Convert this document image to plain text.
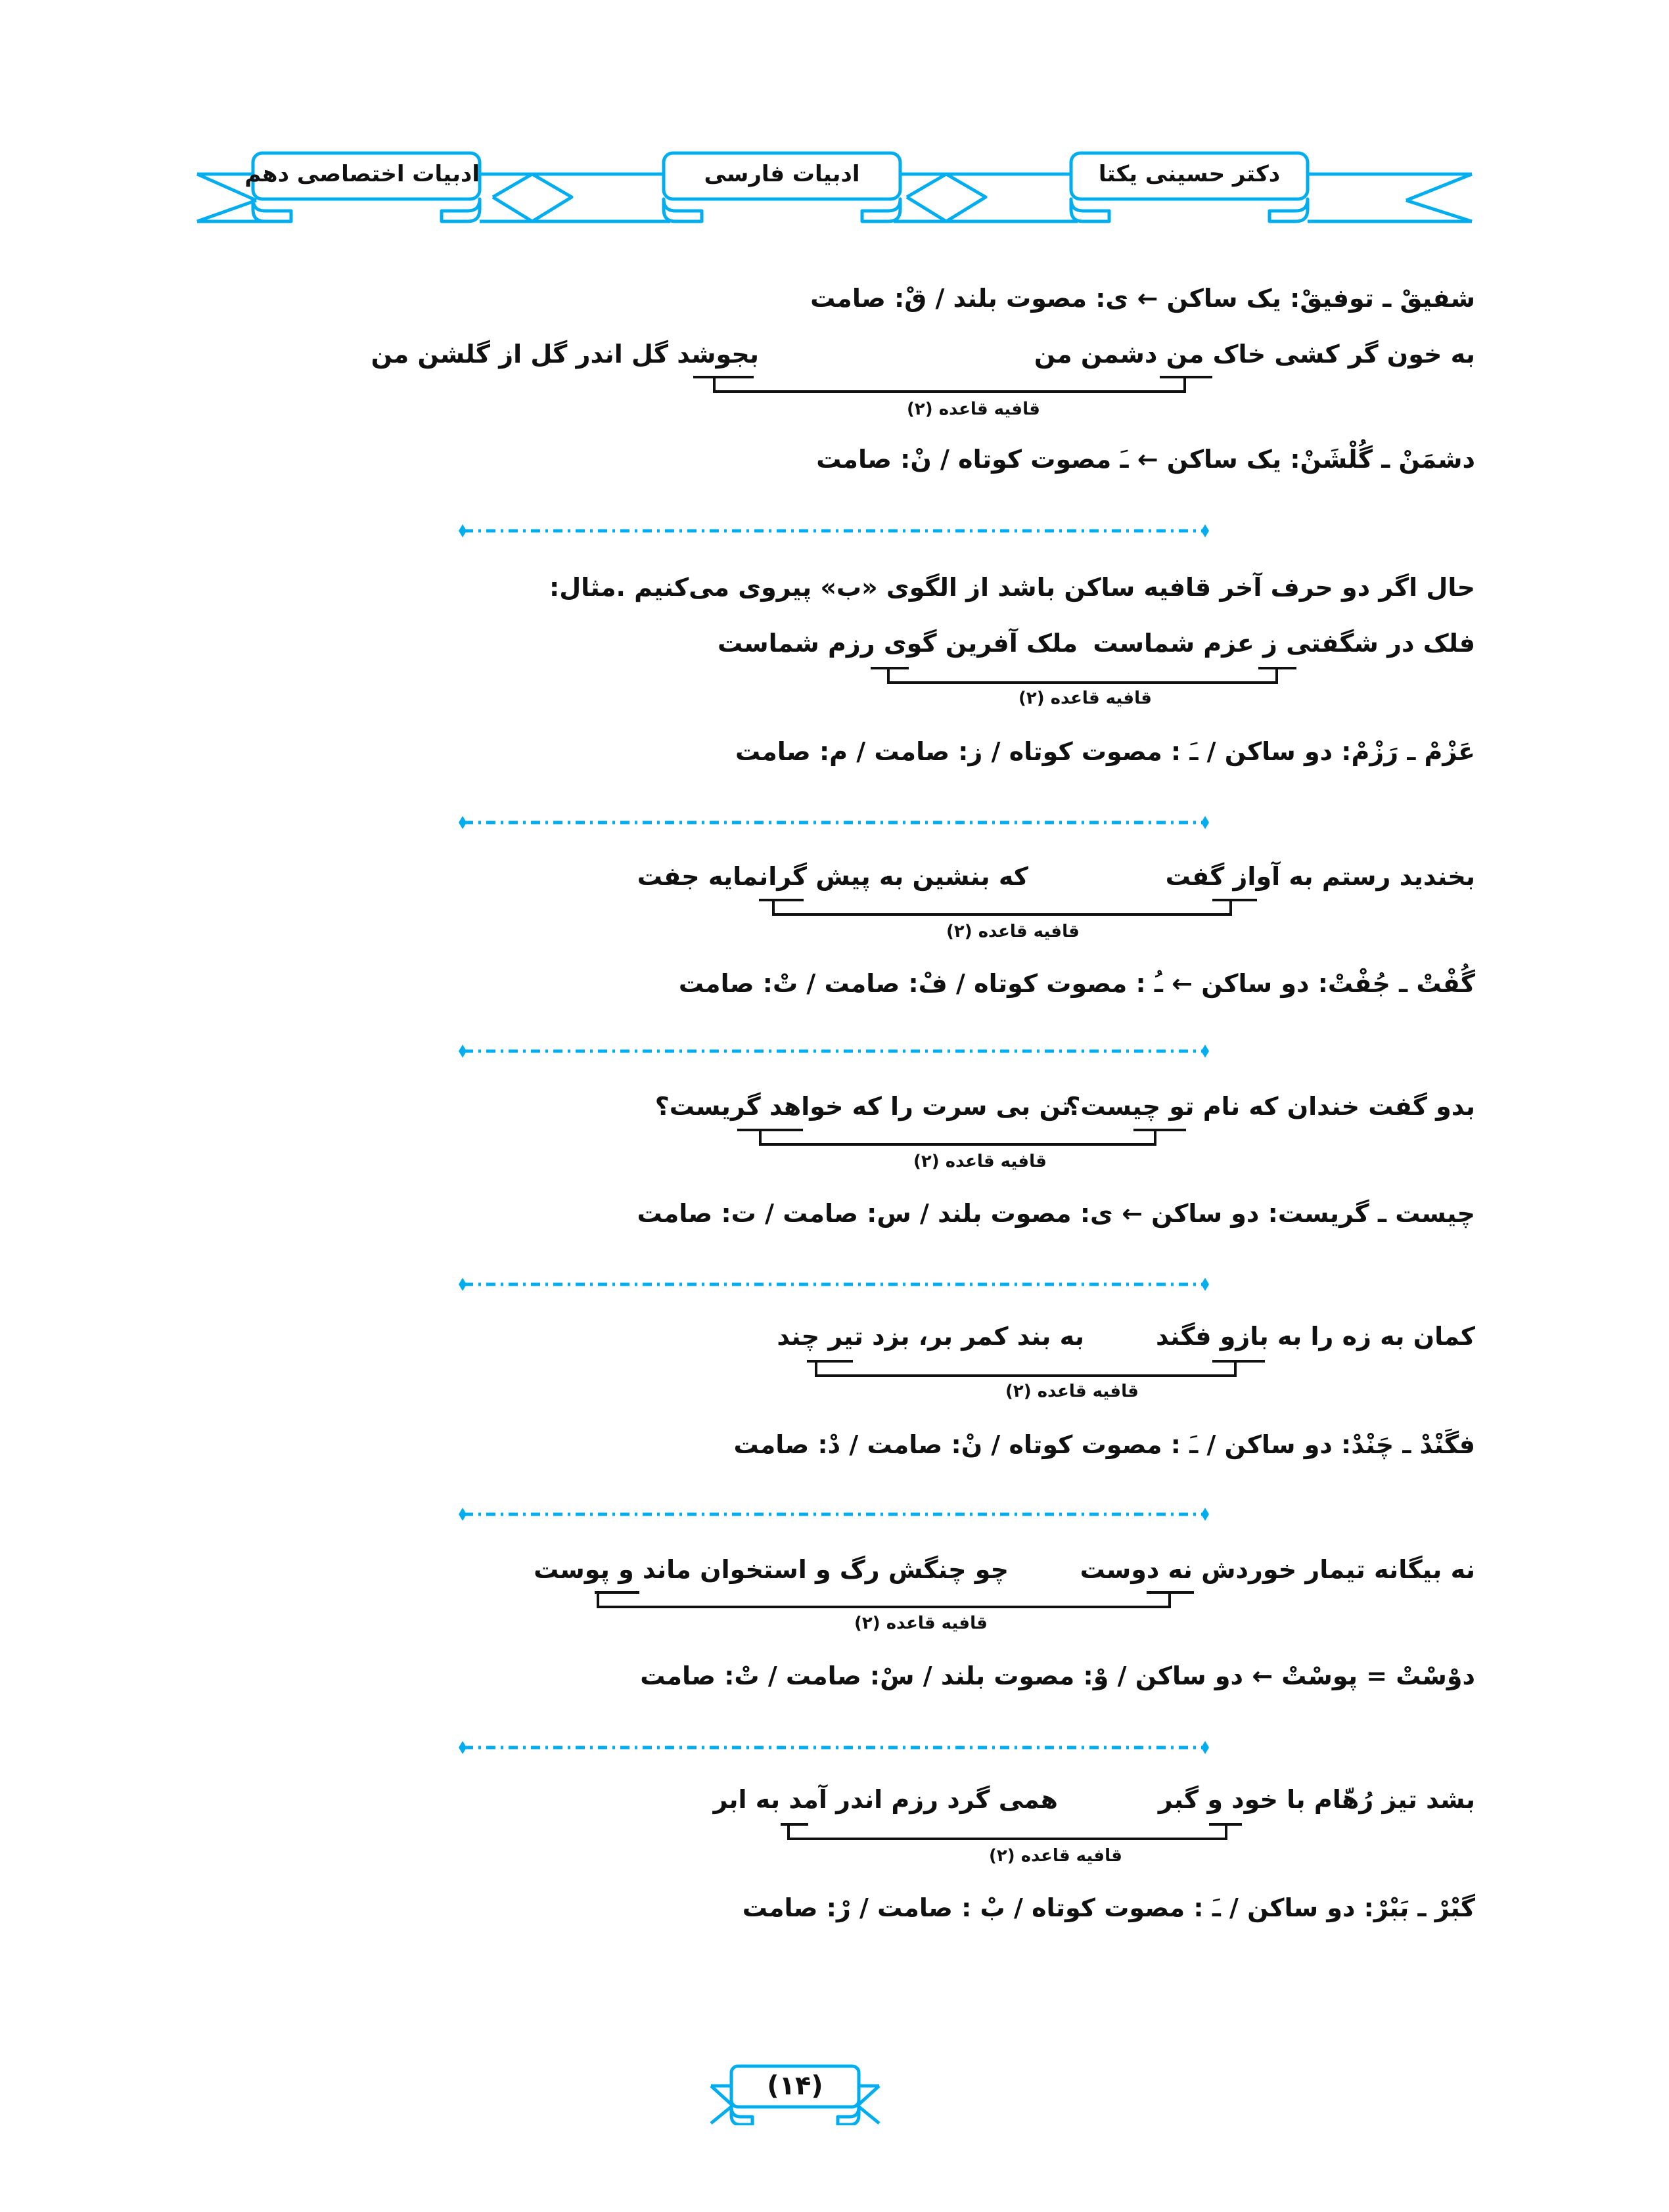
ادبیات اختصاصی دهم	ادبیات فارسی	دکتر حسینی یکتا
شفیقْ ـ توفیقْ: یک ساکن ← ی: مصوت بلند / قْ: صامت
به خون گر کشی خاک من دشمن من
بجوشد گل اندر گل از گلشن من
قافیه قاعده (۲)
دشمَنْ ـ گُلْشَنْ: یک ساکن ← ـَ مصوت کوتاه / نْ: صامت
حال اگر دو حرف آخر قافیه ساکن باشد از الگوی «ب» پیروی می‌کنیم .مثال:
فلک در شگفتی ز عزم شماست
ملک آفرین گوی رزم شماست
قافیه قاعده (۲)
عَزْمْ ـ رَزْمْ: دو ساکن / ـَ : مصوت کوتاه / ز: صامت / م: صامت
بخندید رستم به آواز گفت
که بنشین به پیش گرانمایه جفت
قافیه قاعده (۲)
گُفْتْ ـ جُفْتْ: دو ساکن ← ـُ : مصوت کوتاه / فْ: صامت / تْ: صامت
بدو گفت خندان که نام تو چیست؟
تن بی سرت را که خواهد گریست؟
قافیه قاعده (۲)
چیست ـ گریست: دو ساکن ← ی: مصوت بلند / س: صامت / ت: صامت
کمان به زه را به بازو فگند
به بند کمر بر، بزد تیر چند
قافیه قاعده (۲)
فگَنْدْ ـ چَنْدْ: دو ساکن / ـَ : مصوت کوتاه / نْ: صامت / دْ: صامت
نه بیگانه تیمار خوردش نه دوست
چو چنگش رگ و استخوان ماند و پوست
قافیه قاعده (۲)
دوْسْتْ = پوسْتْ ← دو ساکن / وْ: مصوت بلند / سْ: صامت / تْ: صامت
بشد تیز رُهّام با خود و گبر
همی گرد رزم اندر آمد به ابر
قافیه قاعده (۲)
گبْرْ ـ بَبْرْ: دو ساکن / ـَ : مصوت کوتاه / بْ : صامت / رْ: صامت
(۱۴)
